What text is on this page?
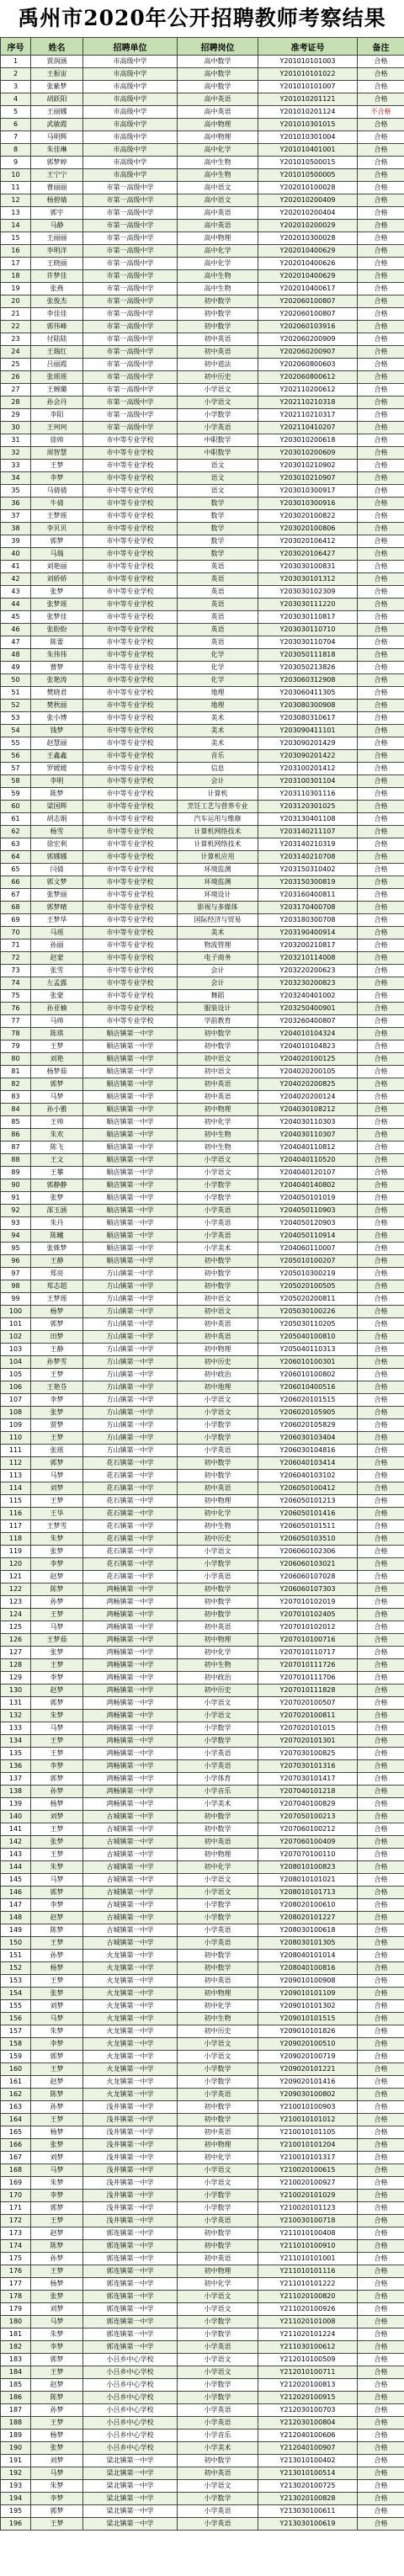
禹州市2020年公开招聘教师考察结果
序号	姓名	招聘单位	招聘岗位	准考证号	备注
1	贾润涵	市高级中学	高中数学	Y201010101003	合格
2	王振宙	市高级中学	高中数学	Y201010101022	合格
3	张紫梦	市高级中学	高中数学	Y201010101007	合格
4	胡跃阳	市高级中学	高中英语	Y201010201121	合格
5	王丽娜	市高级中学	高中英语	Y201010201124	不合格
6	武敏霞	市高级中学	高中物理	Y201010301015	合格
7	马明辉	市高级中学	高中物理	Y201010301004	合格
8	朱佳琳	市高级中学	高中化学	Y201010401001	合格
9	郭梦婷	市高级中学	高中生物	Y201010500015	合格
10	王宁宁	市高级中学	高中生物	Y201010500005	合格
11	曹丽丽	市第一高级中学	高中语文	Y202010100028	合格
12	杨碧婧	市第一高级中学	高中语文	Y202010200409	合格
13	郭宇	市第一高级中学	高中英语	Y202010200404	合格
14	马静	市第一高级中学	高中英语	Y202010200029	合格
15	王丽丽	市第一高级中学	高中物理	Y202010300028	合格
16	李明洋	市第一高级中学	高中化学	Y202010400629	合格
17	王晓丽	市第一高级中学	高中化学	Y202010400626	合格
18	许梦佳	市第一高级中学	高中生物	Y202010400629	合格
19	张燕	市第一高级中学	高中生物	Y202010400617	合格
20	张俊杰	市第一高级中学	初中数学	Y202060100807	合格
21	李佳佳	市第一高级中学	初中数学	Y202060100807	合格
22	郭伟峰	市第一高级中学	初中数学	Y202060103916	合格
23	付陆陆	市第一高级中学	初中英语	Y202060200909	合格
24	王瑞红	市第一高级中学	初中英语	Y202060200907	合格
25	吕丽霞	市第一高级中学	初中道法	Y202060800603	合格
26	张瑶瑶	市第一高级中学	初中历史	Y202060800612	合格
27	王婉璐	市第一高级中学	小学语文	Y202110200612	合格
28	孙会丹	市第一高级中学	小学语文	Y202110210318	合格
29	李阳	市第一高级中学	小学数学	Y202110210317	合格
30	王珂珂	市第一高级中学	小学英语	Y202110410207	合格
31	徐帅	市中等专业学校	中职数学	Y203010200618	合格
32	周智慧	市中等专业学校	中职数学	Y203010200609	合格
33	王梦	市中等专业学校	语文	Y203010210902	合格
34	李梦	市中等专业学校	语文	Y203010210907	合格
35	马倩倩	市中等专业学校	语文	Y203010300917	合格
36	牛倩	市中等专业学校	数学	Y203010300916	合格
37	王梦瑶	市中等专业学校	数学	Y203020100822	合格
38	李贝贝	市中等专业学校	数学	Y203020100806	合格
39	郭梦	市中等专业学校	数学	Y203020106412	合格
40	马瑞	市中等专业学校	数学	Y203020106427	合格
41	刘艳丽	市中等专业学校	英语	Y203030100831	合格
42	刘娇娇	市中等专业学校	英语	Y203030101312	合格
43	张梦	市中等专业学校	英语	Y203030102309	合格
44	张梦瑶	市中等专业学校	英语	Y203030111220	合格
45	张梦佳	市中等专业学校	英语	Y203030110817	合格
46	张盼盼	市中等专业学校	英语	Y203030110710	合格
47	陈蕾	市中等专业学校	英语	Y203030110704	合格
48	朱伟伟	市中等专业学校	化学	Y203050111818	合格
49	曹梦	市中等专业学校	化学	Y203050213826	合格
50	张艳涛	市中等专业学校	化学	Y203060312908	合格
51	樊晓君	市中等专业学校	地理	Y203060411305	合格
52	樊秋丽	市中等专业学校	地理	Y203080300908	合格
53	张小博	市中等专业学校	美术	Y203080310617	合格
54	钱梦	市中等专业学校	美术	Y203090411101	合格
55	赵慧丽	市中等专业学校	美术	Y203090201429	合格
56	王鑫鑫	市中等专业学校	音乐	Y203090201422	合格
57	罗媛媛	市中等专业学校	信息	Y203100201412	合格
58	李明	市中等专业学校	会计	Y203100301104	合格
59	陈梦	市中等专业学校	计算机	Y203110301116	合格
60	梁国辉	市中等专业学校	烹饪工艺与营养专业	Y203120301025	合格
61	胡志娟	市中等专业学校	汽车运用与维修	Y203130401108	合格
62	杨雪	市中等专业学校	计算机网络技术	Y203140211107	合格
63	徐宏利	市中等专业学校	计算机网络技术	Y203140210319	合格
64	郭娜娜	市中等专业学校	计算机应用	Y203140210708	合格
65	闫倩	市中等专业学校	环境监测	Y203150310402	合格
66	郭文梦	市中等专业学校	环境监测	Y203150300819	合格
67	张梦丽	市中等专业学校	环境设计	Y203160400811	合格
68	郭梦晴	市中等专业学校	影视与多媒体	Y203170400708	合格
69	王梦华	市中等专业学校	国际经济与贸易	Y203180300708	合格
70	马瑶	市中等专业学校	美术	Y203190400914	合格
71	孙丽	市中等专业学校	物流管理	Y203200210817	合格
72	赵蒙	市中等专业学校	电子商务	Y203210114008	合格
73	张雪	市中等专业学校	会计	Y203220200623	合格
74	左孟露	市中等专业学校	会计	Y203230200823	合格
75	张蒙	市中等专业学校	舞蹈	Y203240401002	合格
76	孙亚楠	市中等专业学校	服装设计	Y203250400901	合格
77	马帅	市中等专业学校	学前教育	Y203260400807	合格
78	陈琪	顺店镇第一中学	初中数学	Y204010104324	合格
79	王梦	顺店镇第一中学	初中数学	Y204010104823	合格
80	刘艳	顺店镇第一中学	初中语文	Y204020100125	合格
81	杨梦茹	顺店镇第一中学	初中语文	Y204020200105	合格
82	郭梦	顺店镇第一中学	初中英语	Y204020200825	合格
83	马梦	顺店镇第一中学	初中英语	Y204020200124	合格
84	孙小雅	顺店镇第一中学	初中物理	Y204030108212	合格
85	王帅	顺店镇第一中学	初中化学	Y204030110303	合格
86	朱欢	顺店镇第一中学	初中生物	Y204030110307	合格
87	陈飞	顺店镇第一中学	初中生物	Y204040110812	合格
88	王文	顺店镇第一中学	小学语文	Y204040110520	合格
89	王攀	顺店镇第一中学	小学语文	Y204040120107	合格
90	郭静静	顺店镇第一中学	小学数学	Y204040140802	合格
91	张梦	顺店镇第一中学	小学数学	Y204050101019	合格
92	邵玉涵	顺店镇第一中学	小学英语	Y204050110903	合格
93	朱丹	顺店镇第一中学	小学英语	Y204050120903	合格
94	陈曦	顺店镇第一中学	小学英语	Y204050110914	合格
95	张姝梦	顺店镇第一中学	小学美术	Y204060110007	合格
96	王静	顺店镇第一中学	初中数学	Y205010100207	合格
97	郑亮	方山镇第一中学	初中数学	Y205010300219	合格
98	郑志超	方山镇第一中学	初中数学	Y205020100505	合格
99	王梦瑶	方山镇第一中学	初中语文	Y205020200811	合格
100	杨梦	方山镇第一中学	初中语文	Y205030100226	合格
101	郭梦	方山镇第一中学	初中英语	Y205030110205	合格
102	田梦	方山镇第一中学	初中英语	Y205040100810	合格
103	王静	方山镇第一中学	初中物理	Y205040110313	合格
104	孙梦雪	方山镇第一中学	初中历史	Y206010100301	合格
105	王梦	方山镇第一中学	初中政治	Y206010100802	合格
106	王艳芬	方山镇第一中学	初中地理	Y206010400516	合格
107	李梦	方山镇第一中学	小学语文	Y206020101515	合格
108	张梦	方山镇第一中学	小学语文	Y206020105905	合格
109	贾梦	方山镇第一中学	小学数学	Y206020105829	合格
110	王梦	方山镇第一中学	小学数学	Y206030103404	合格
111	张瑶	方山镇第一中学	小学英语	Y206030104816	合格
112	郭梦	花石镇第一中学	初中数学	Y206040103414	合格
113	马梦	花石镇第一中学	初中数学	Y206040103102	合格
114	刘梦	花石镇第一中学	初中英语	Y206050100412	合格
115	王梦	花石镇第一中学	初中物理	Y206050101213	合格
116	王华	花石镇第一中学	初中化学	Y206050101416	合格
117	王梦雪	花石镇第一中学	初中生物	Y206050101511	合格
118	朱梦	花石镇第一中学	初中历史	Y206050103510	合格
119	张梦	花石镇第一中学	小学语文	Y206060102306	合格
120	李梦	花石镇第一中学	小学数学	Y206060103021	合格
121	赵梦	花石镇第一中学	小学英语	Y206060107028	合格
122	陈梦	鸿畅镇第一中学	初中数学	Y206060107303	合格
123	孙梦	鸿畅镇第一中学	初中数学	Y207010102019	合格
124	王梦	鸿畅镇第一中学	初中数学	Y207010102405	合格
125	马梦	鸿畅镇第一中学	初中英语	Y207010102012	合格
126	王梦茹	鸿畅镇第一中学	初中物理	Y207010100716	合格
127	张梦	鸿畅镇第一中学	初中化学	Y207010110717	合格
128	王梦	鸿畅镇第一中学	初中生物	Y207010111726	合格
129	李梦	鸿畅镇第一中学	初中政治	Y207010111706	合格
130	赵梦	鸿畅镇第一中学	初中历史	Y207010111828	合格
131	郭梦	鸿畅镇第一中学	小学语文	Y207020100507	合格
132	朱梦	鸿畅镇第一中学	小学语文	Y207020100811	合格
133	马梦	鸿畅镇第一中学	小学数学	Y207020101015	合格
134	王梦	鸿畅镇第一中学	小学数学	Y207020101301	合格
135	王梦	鸿畅镇第一中学	小学英语	Y207030100825	合格
136	李梦	鸿畅镇第一中学	小学英语	Y207030101316	合格
137	郭梦	鸿畅镇第一中学	小学体育	Y207030101417	合格
138	孙梦	鸿畅镇第一中学	小学音乐	Y207040101218	合格
139	杨梦	鸿畅镇第一中学	小学美术	Y207040100829	合格
140	刘梦	古城镇第一中学	初中数学	Y207050100213	合格
141	王梦	古城镇第一中学	初中数学	Y207060100212	合格
142	张梦	古城镇第一中学	初中英语	Y207060100409	合格
143	王梦	古城镇第一中学	初中物理	Y207070100110	合格
144	朱梦	古城镇第一中学	初中化学	Y208010100823	合格
145	马梦	古城镇第一中学	小学语文	Y208010101021	合格
146	郭梦	古城镇第一中学	小学语文	Y208010101713	合格
147	李梦	古城镇第一中学	小学数学	Y208020100610	合格
148	赵梦	古城镇第一中学	小学数学	Y208020101227	合格
149	陈梦	古城镇第一中学	小学英语	Y208030100618	合格
150	王梦	古城镇第一中学	小学英语	Y208030101305	合格
151	孙梦	火龙镇第一中学	初中数学	Y208040101014	合格
152	杨梦	火龙镇第一中学	初中数学	Y208040100816	合格
153	王梦	火龙镇第一中学	初中英语	Y209010100908	合格
154	张梦	火龙镇第一中学	初中物理	Y209010101109	合格
155	刘梦	火龙镇第一中学	初中化学	Y209010101302	合格
156	马梦	火龙镇第一中学	初中生物	Y209010101515	合格
157	朱梦	火龙镇第一中学	初中历史	Y209010101826	合格
158	李梦	火龙镇第一中学	小学语文	Y209020100510	合格
159	郭梦	火龙镇第一中学	小学语文	Y209020100719	合格
160	王梦	火龙镇第一中学	小学数学	Y209020101221	合格
161	赵梦	火龙镇第一中学	小学数学	Y209020101416	合格
162	陈梦	火龙镇第一中学	小学英语	Y209030100802	合格
163	孙梦	浅井镇第一中学	初中数学	Y210010100903	合格
164	王梦	浅井镇第一中学	初中数学	Y210010101012	合格
165	杨梦	浅井镇第一中学	初中英语	Y210010101105	合格
166	张梦	浅井镇第一中学	初中物理	Y210010101204	合格
167	刘梦	浅井镇第一中学	初中化学	Y210010101317	合格
168	马梦	浅井镇第一中学	小学语文	Y210020100615	合格
169	朱梦	浅井镇第一中学	小学语文	Y210020100927	合格
170	李梦	浅井镇第一中学	小学数学	Y210020101029	合格
171	郭梦	浅井镇第一中学	小学数学	Y210020101123	合格
172	王梦	浅井镇第一中学	小学英语	Y210030100718	合格
173	赵梦	郭连镇第一中学	初中数学	Y211010100408	合格
174	陈梦	郭连镇第一中学	初中数学	Y211010100910	合格
175	孙梦	郭连镇第一中学	初中英语	Y211010101001	合格
176	王梦	郭连镇第一中学	初中物理	Y211010101116	合格
177	杨梦	郭连镇第一中学	初中化学	Y211010101222	合格
178	张梦	郭连镇第一中学	小学语文	Y211020100820	合格
179	刘梦	郭连镇第一中学	小学语文	Y211020100926	合格
180	马梦	郭连镇第一中学	小学数学	Y211020101008	合格
181	朱梦	郭连镇第一中学	小学数学	Y211020101224	合格
182	李梦	郭连镇第一中学	小学英语	Y211030100612	合格
183	郭梦	小吕乡中心学校	小学语文	Y212010100509	合格
184	王梦	小吕乡中心学校	小学语文	Y212010100711	合格
185	赵梦	小吕乡中心学校	小学数学	Y212020100813	合格
186	陈梦	小吕乡中心学校	小学数学	Y212020100915	合格
187	孙梦	小吕乡中心学校	小学英语	Y212030100703	合格
188	王梦	小吕乡中心学校	小学英语	Y212030100804	合格
189	杨梦	小吕乡中心学校	小学音乐	Y212040100606	合格
190	张梦	小吕乡中心学校	小学美术	Y212040100907	合格
191	刘梦	梁北镇第一中学	初中数学	Y213010100402	合格
192	马梦	梁北镇第一中学	初中英语	Y213010100514	合格
193	朱梦	梁北镇第一中学	小学语文	Y213020100725	合格
194	李梦	梁北镇第一中学	小学数学	Y213020100828	合格
195	郭梦	梁北镇第一中学	小学英语	Y213030100611	合格
196	王梦	梁北镇第一中学	小学英语	Y213030100619	合格
